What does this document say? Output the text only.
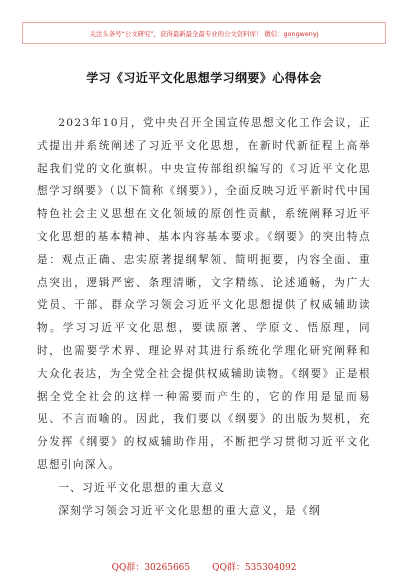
关注头条号“公文研究”，获得最新最全最专业的公文资料库！ 微信：gongwenyj
学习《习近平文化思想学习纲要》心得体会

2023年10月，党中央召开全国宣传思想文化工作会议，正式提出并系统阐述了习近平文化思想，在新时代新征程上高举起我们党的文化旗帜。中央宣传部组织编写的《习近平文化思想学习纲要》（以下简称《纲要》），全面反映习近平新时代中国特色社会主义思想在文化领域的原创性贡献，系统阐释习近平文化思想的基本精神、基本内容基本要求。《纲要》的突出特点是：观点正确、忠实原著提纲挈领、简明扼要，内容全面、重点突出，逻辑严密、条理清晰，文字精练、论述通畅，为广大党员、干部、群众学习领会习近平文化思想提供了权威辅助读物。学习习近平文化思想，要读原著、学原文、悟原理，同时，也需要学术界、理论界对其进行系统化学理化研究阐释和大众化表达，为全党全社会提供权威辅助读物。《纲要》正是根据全党全社会的这样一种需要而产生的，它的作用是显而易见、不言而喻的。因此，我们要以《纲要》的出版为契机，充分发挥《纲要》的权威辅助作用，不断把学习贯彻习近平文化思想引向深入。

一、习近平文化思想的重大意义

深刻学习领会习近平文化思想的重大意义，是《纲

QQ群：30265665 QQ群：535304092
